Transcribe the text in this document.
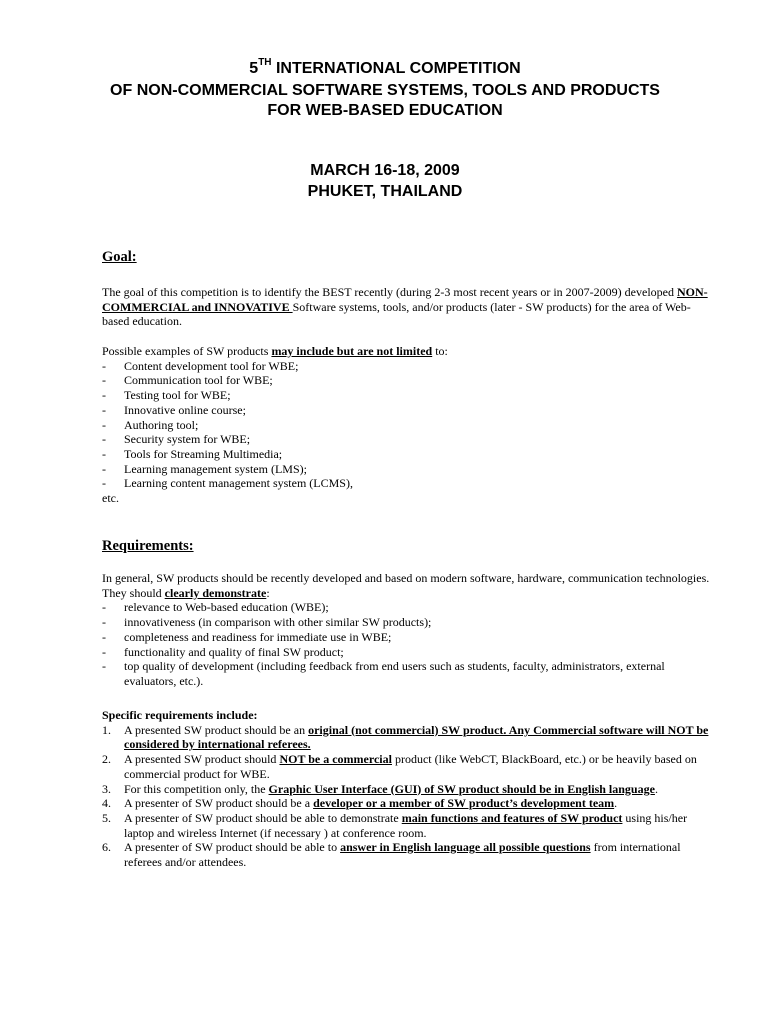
5TH INTERNATIONAL COMPETITION
OF NON-COMMERCIAL SOFTWARE SYSTEMS, TOOLS AND PRODUCTS
FOR WEB-BASED EDUCATION
MARCH 16-18, 2009
PHUKET, THAILAND
Goal:
The goal of this competition is to identify the BEST recently (during 2-3 most recent years or in 2007-2009) developed NON-COMMERCIAL and INNOVATIVE Software systems, tools, and/or products (later - SW products) for the area of Web-based education.
Possible examples of SW products may include but are not limited to:
- Content development tool for WBE;
- Communication tool for WBE;
- Testing tool for WBE;
- Innovative online course;
- Authoring tool;
- Security system for WBE;
- Tools for Streaming Multimedia;
- Learning management system (LMS);
- Learning content management system (LCMS),
etc.
Requirements:
In general, SW products should be recently developed and based on modern software, hardware, communication technologies. They should clearly demonstrate:
- relevance to Web-based education (WBE);
- innovativeness (in comparison with other similar SW products);
- completeness and readiness for immediate use in WBE;
- functionality and quality of final SW product;
- top quality of development (including feedback from end users such as students, faculty, administrators, external evaluators, etc.).
Specific requirements include:
1. A presented SW product should be an original (not commercial) SW product. Any Commercial software will NOT be considered by international referees.
2. A presented SW product should NOT be a commercial product (like WebCT, BlackBoard, etc.) or be heavily based on commercial product for WBE.
3. For this competition only, the Graphic User Interface (GUI) of SW product should be in English language.
4. A presenter of SW product should be a developer or a member of SW product’s development team.
5. A presenter of SW product should be able to demonstrate main functions and features of SW product using his/her laptop and wireless Internet (if necessary ) at conference room.
6. A presenter of SW product should be able to answer in English language all possible questions from international referees and/or attendees.
